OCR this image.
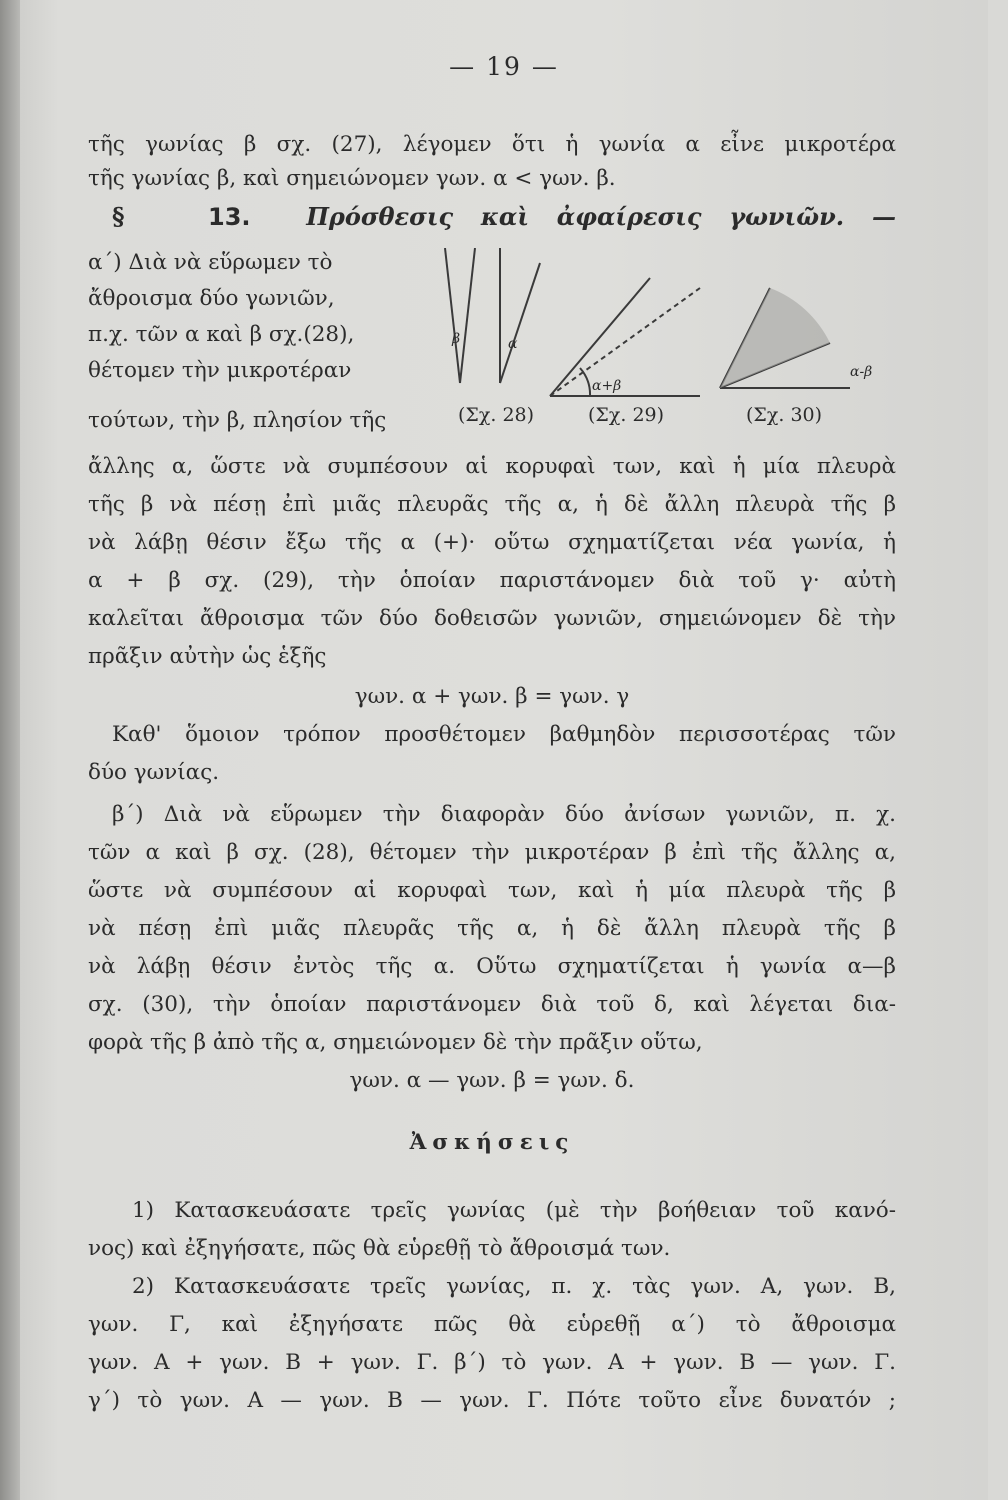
— 19 —
τῆς γωνίας β σχ. (27), λέγομεν ὅτι ἡ γωνία α εἶνε μικροτέρα
τῆς γωνίας β, καὶ σημειώνομεν γων. α < γων. β.
§	13. Πρόσθεσις καὶ ἀφαίρεσις γωνιῶν. —
α΄) Διὰ νὰ εὕρωμεν τὸ
ἄθροισμα δύο γωνιῶν,
π.χ. τῶν α καὶ β σχ.(28),
θέτομεν τὴν μικροτέραν
τούτων, τὴν β, πλησίον τῆς
β	α
α+β
α-β
(Σχ. 28)	(Σχ. 29)	(Σχ. 30)
ἄλλης α, ὥστε νὰ συμπέσουν αἱ κορυφαὶ των, καὶ ἡ μία πλευρὰ
τῆς β νὰ πέσῃ ἐπὶ μιᾶς πλευρᾶς τῆς α, ἡ δὲ ἄλλη πλευρὰ τῆς β
νὰ λάβῃ θέσιν ἔξω τῆς α (+)· οὕτω σχηματίζεται νέα γωνία, ἡ
α + β σχ. (29), τὴν ὁποίαν παριστάνομεν διὰ τοῦ γ· αὐτὴ
καλεῖται ἄθροισμα τῶν δύο δοθεισῶν γωνιῶν, σημειώνομεν δὲ τὴν
πρᾶξιν αὐτὴν ὡς ἑξῆς
γων. α + γων. β = γων. γ
Καθ' ὅμοιον τρόπον προσθέτομεν βαθμηδὸν περισσοτέρας τῶν
δύο γωνίας.
β΄) Διὰ νὰ εὕρωμεν τὴν διαφορὰν δύο ἀνίσων γωνιῶν, π. χ.
τῶν α καὶ β σχ. (28), θέτομεν τὴν μικροτέραν β ἐπὶ τῆς ἄλλης α,
ὥστε νὰ συμπέσουν αἱ κορυφαὶ των, καὶ ἡ μία πλευρὰ τῆς β
νὰ πέσῃ ἐπὶ μιᾶς πλευρᾶς τῆς α, ἡ δὲ ἄλλη πλευρὰ τῆς β
νὰ λάβῃ θέσιν ἐντὸς τῆς α. Οὕτω σχηματίζεται ἡ γωνία α—β
σχ. (30), τὴν ὁποίαν παριστάνομεν διὰ τοῦ δ, καὶ λέγεται δια-
φορὰ τῆς β ἀπὸ τῆς α, σημειώνομεν δὲ τὴν πρᾶξιν οὕτω,
γων. α — γων. β = γων. δ.
Ἀσκήσεις
1) Κατασκευάσατε τρεῖς γωνίας (μὲ τὴν βοήθειαν τοῦ κανό-
νος) καὶ ἐξηγήσατε, πῶς θὰ εὑρεθῇ τὸ ἄθροισμά των.
2) Κατασκευάσατε τρεῖς γωνίας, π. χ. τὰς γων. Α, γων. Β,
γων. Γ, καὶ ἐξηγήσατε πῶς θὰ εὑρεθῇ α΄) τὸ ἄθροισμα
γων. Α + γων. Β + γων. Γ. β΄) τὸ γων. Α + γων. Β — γων. Γ.
γ΄) τὸ γων. Α — γων. Β — γων. Γ. Πότε τοῦτο εἶνε δυνατόν ;
